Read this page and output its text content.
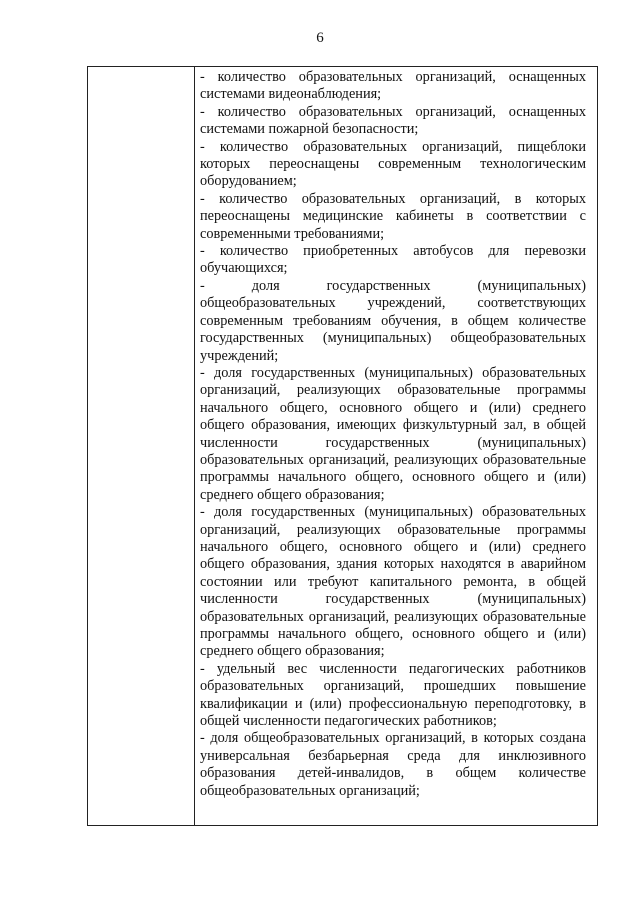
6

- количество образовательных организаций, оснащенных системами видеонаблюдения;

- количество образовательных организаций, оснащенных системами пожарной безопасности;

- количество образовательных организаций, пищеблоки которых переоснащены современным технологическим оборудованием;

- количество образовательных организаций, в которых переоснащены медицинские кабинеты в соответствии с современными требованиями;

- количество приобретенных автобусов для перевозки обучающихся;

- доля государственных (муниципальных) общеобразовательных учреждений, соответствующих современным требованиям обучения, в общем количестве государственных (муниципальных) общеобразовательных учреждений;

- доля государственных (муниципальных) образовательных организаций, реализующих образовательные программы начального общего, основного общего и (или) среднего общего образования, имеющих физкультурный зал, в общей численности государственных (муниципальных) образовательных организаций, реализующих образовательные программы начального общего, основного общего и (или) среднего общего образования;

- доля государственных (муниципальных) образовательных организаций, реализующих образовательные программы начального общего, основного общего и (или) среднего общего образования, здания которых находятся в аварийном состоянии или требуют капитального ремонта, в общей численности государственных (муниципальных) образовательных организаций, реализующих образовательные программы начального общего, основного общего и (или) среднего общего образования;

- удельный вес численности педагогических работников образовательных организаций, прошедших повышение квалификации и (или) профессиональную переподготовку, в общей численности педагогических работников;

- доля общеобразовательных организаций, в которых создана универсальная безбарьерная среда для инклюзивного образования детей-инвалидов, в общем количестве общеобразовательных организаций;
